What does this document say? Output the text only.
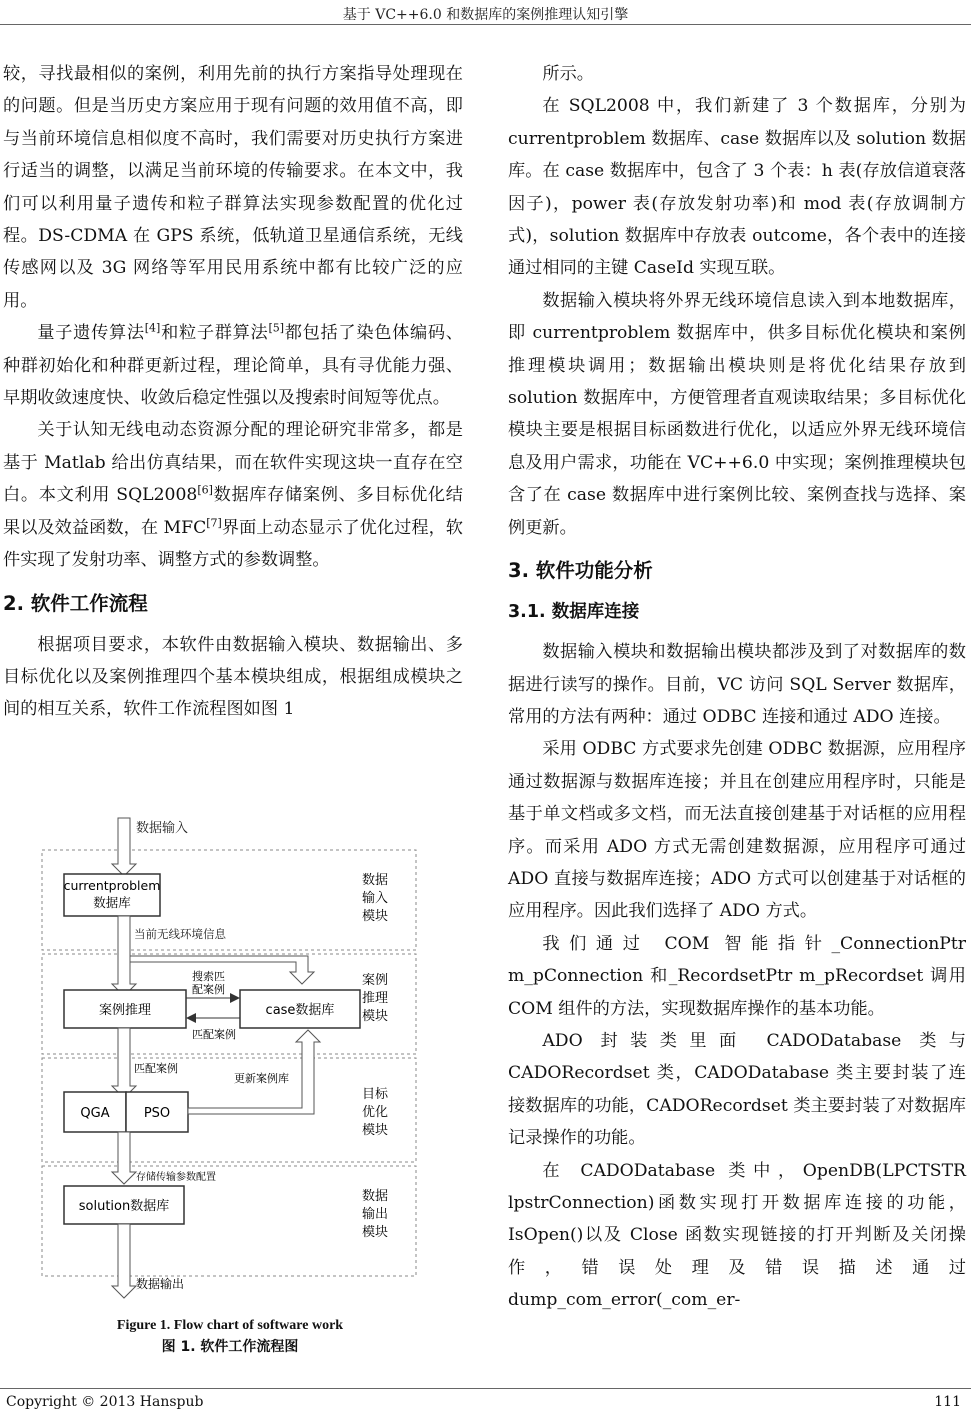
基于 VC++6.0 和数据库的案例推理认知引擎

较，寻找最相似的案例，利用先前的执行方案指导处理现在的问题。但是当历史方案应用于现有问题的效用值不高，即与当前环境信息相似度不高时，我们需要对历史执行方案进行适当的调整，以满足当前环境的传输要求。在本文中，我们可以利用量子遗传和粒子群算法实现参数配置的优化过程。DS-CDMA 在 GPS 系统，低轨道卫星通信系统，无线传感网以及 3G 网络等军用民用系统中都有比较广泛的应用。

量子遗传算法[4]和粒子群算法[5]都包括了染色体编码、种群初始化和种群更新过程，理论简单，具有寻优能力强、早期收敛速度快、收敛后稳定性强以及搜索时间短等优点。

关于认知无线电动态资源分配的理论研究非常多，都是基于 Matlab 给出仿真结果，而在软件实现这块一直存在空白。本文利用 SQL2008[6]数据库存储案例、多目标优化结果以及效益函数，在 MFC[7]界面上动态显示了优化过程，软件实现了发射功率、调整方式的参数调整。

2. 软件工作流程

根据项目要求，本软件由数据输入模块、数据输出、多目标优化以及案例推理四个基本模块组成，根据组成模块之间的相互关系，软件工作流程图如图 1

数据输入
currentproblem
数据库
当前无线环境信息
数据
输入
模块
案例推理	case数据库
搜索匹
配案例
匹配案例
案例
推理
模块
匹配案例
QGA	PSO
更新案例库
目标
优化
模块
存储传输参数配置
solution数据库
数据
输出
模块
数据输出
Figure 1. Flow chart of software work
图 1. 软件工作流程图

所示。

在 SQL2008 中，我们新建了 3 个数据库，分别为 currentproblem 数据库、case 数据库以及 solution 数据库。在 case 数据库中，包含了 3 个表：h 表(存放信道衰落因子)，power 表(存放发射功率)和 mod 表(存放调制方式)，solution 数据库中存放表 outcome，各个表中的连接通过相同的主键 CaseId 实现互联。

数据输入模块将外界无线环境信息读入到本地数据库，即 currentproblem 数据库中，供多目标优化模块和案例推理模块调用；数据输出模块则是将优化结果存放到 solution 数据库中，方便管理者直观读取结果；多目标优化模块主要是根据目标函数进行优化，以适应外界无线环境信息及用户需求，功能在 VC++6.0 中实现；案例推理模块包含了在 case 数据库中进行案例比较、案例查找与选择、案例更新。

3. 软件功能分析
3.1. 数据库连接

数据输入模块和数据输出模块都涉及到了对数据库的数据进行读写的操作。目前，VC 访问 SQL Server 数据库，常用的方法有两种：通过 ODBC 连接和通过 ADO 连接。

采用 ODBC 方式要求先创建 ODBC 数据源，应用程序通过数据源与数据库连接；并且在创建应用程序时，只能是基于单文档或多文档，而无法直接创建基于对话框的应用程序。而采用 ADO 方式无需创建数据源，应用程序可通过 ADO 直接与数据库连接；ADO 方式可以创建基于对话框的应用程序。因此我们选择了 ADO 方式。

我们通过 COM 智能指针_ConnectionPtr m_pConnection 和_RecordsetPtr m_pRecordset 调用 COM 组件的方法，实现数据库操作的基本功能。

ADO 封装类里面 CADODatabase 类与 CADORecordset 类，CADODatabase 类主要封装了连接数据库的功能，CADORecordset 类主要封装了对数据库记录操作的功能。

在 CADODatabase 类中，OpenDB(LPCTSTR lpstrConnection)函数实现打开数据库连接的功能，IsOpen()以及 Close 函数实现链接的打开判断及关闭操作，错误处理及错误描述通过 dump_com_error(_com_er-

Copyright © 2013 Hanspub	111
